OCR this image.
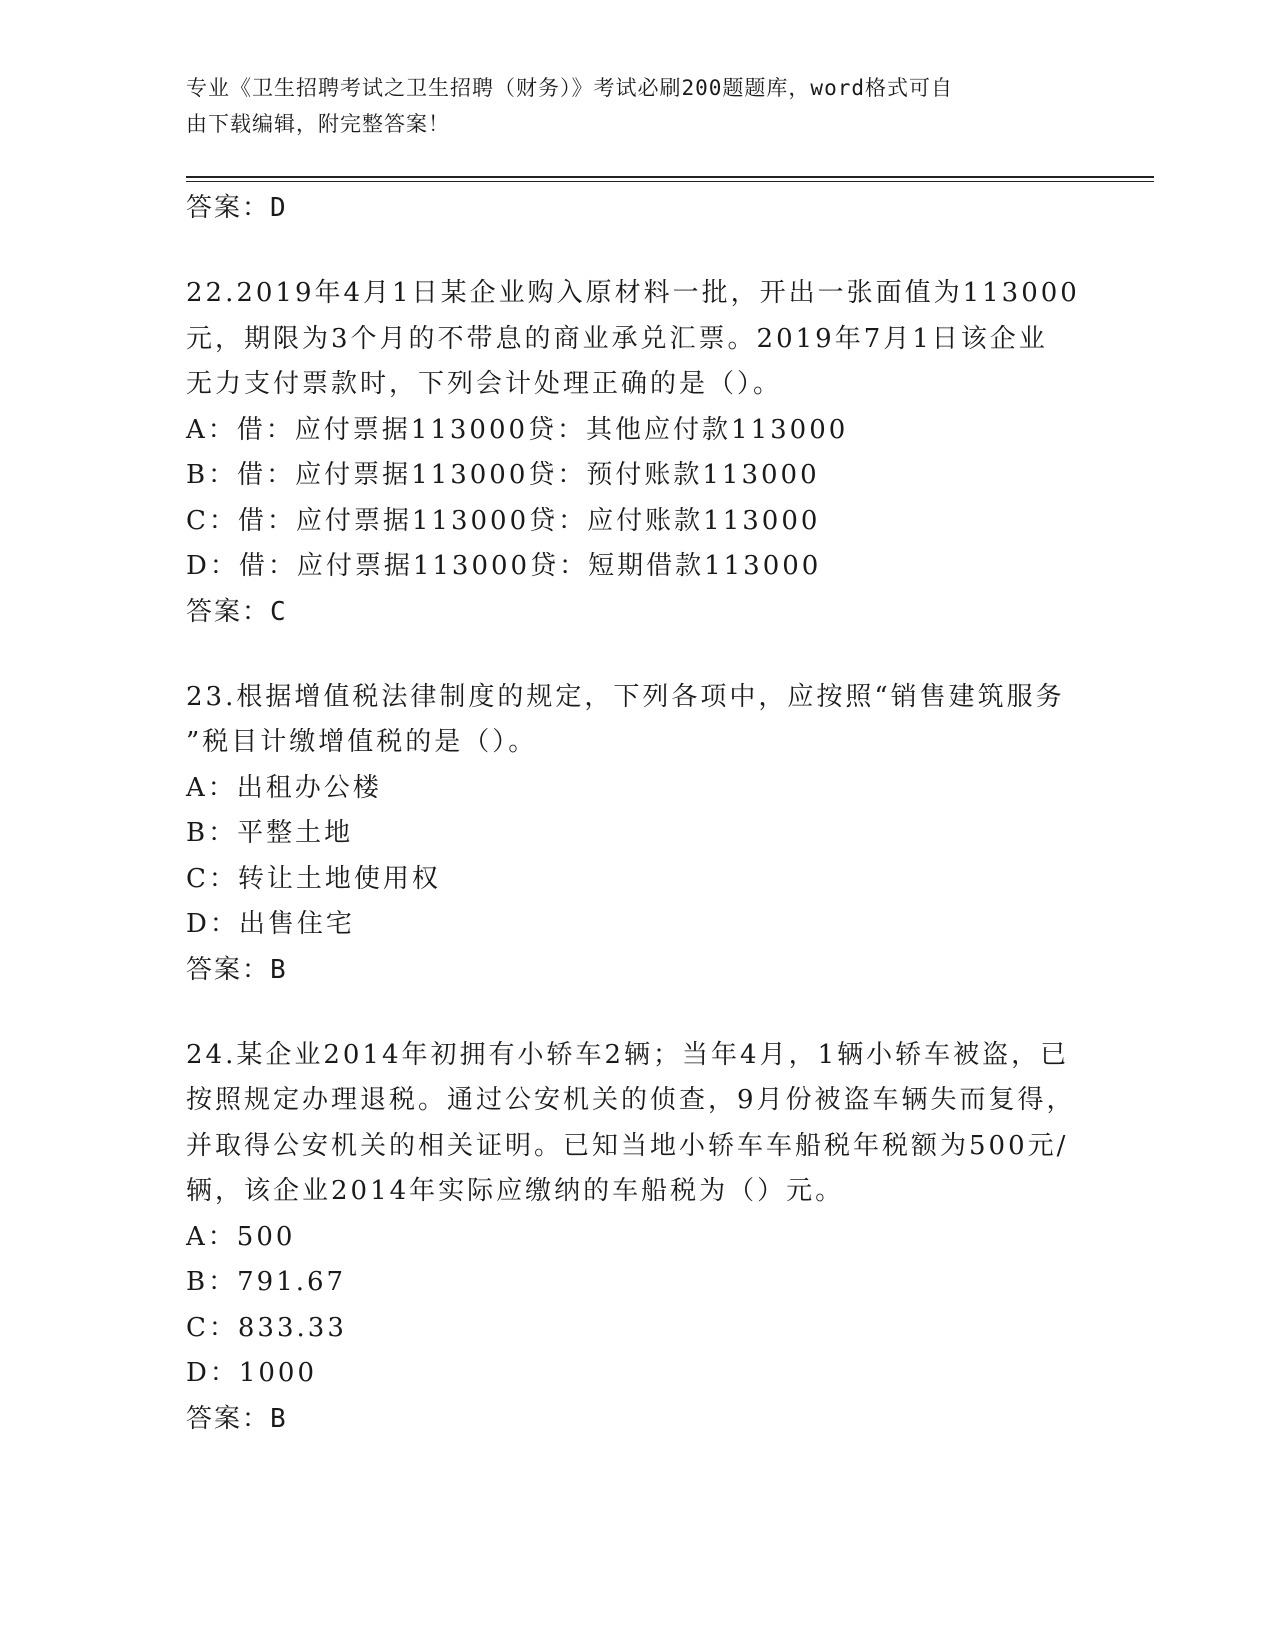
专业《卫生招聘考试之卫生招聘（财务）》考试必刷200题题库，word格式可自
由下载编辑，附完整答案！
答案：D
22.2019年4月1日某企业购入原材料一批，开出一张面值为113000
元，期限为3个月的不带息的商业承兑汇票。2019年7月1日该企业
无力支付票款时，下列会计处理正确的是（）。
A：借：应付票据113000贷：其他应付款113000
B：借：应付票据113000贷：预付账款113000
C：借：应付票据113000贷：应付账款113000
D：借：应付票据113000贷：短期借款113000
答案：C
23.根据增值税法律制度的规定，下列各项中，应按照“销售建筑服务
”税目计缴增值税的是（）。
A：出租办公楼
B：平整土地
C：转让土地使用权
D：出售住宅
答案：B
24.某企业2014年初拥有小轿车2辆；当年4月，1辆小轿车被盗，已
按照规定办理退税。通过公安机关的侦查，9月份被盗车辆失而复得，
并取得公安机关的相关证明。已知当地小轿车车船税年税额为500元/
辆，该企业2014年实际应缴纳的车船税为（）元。
A：500
B：791.67
C：833.33
D：1000
答案：B
